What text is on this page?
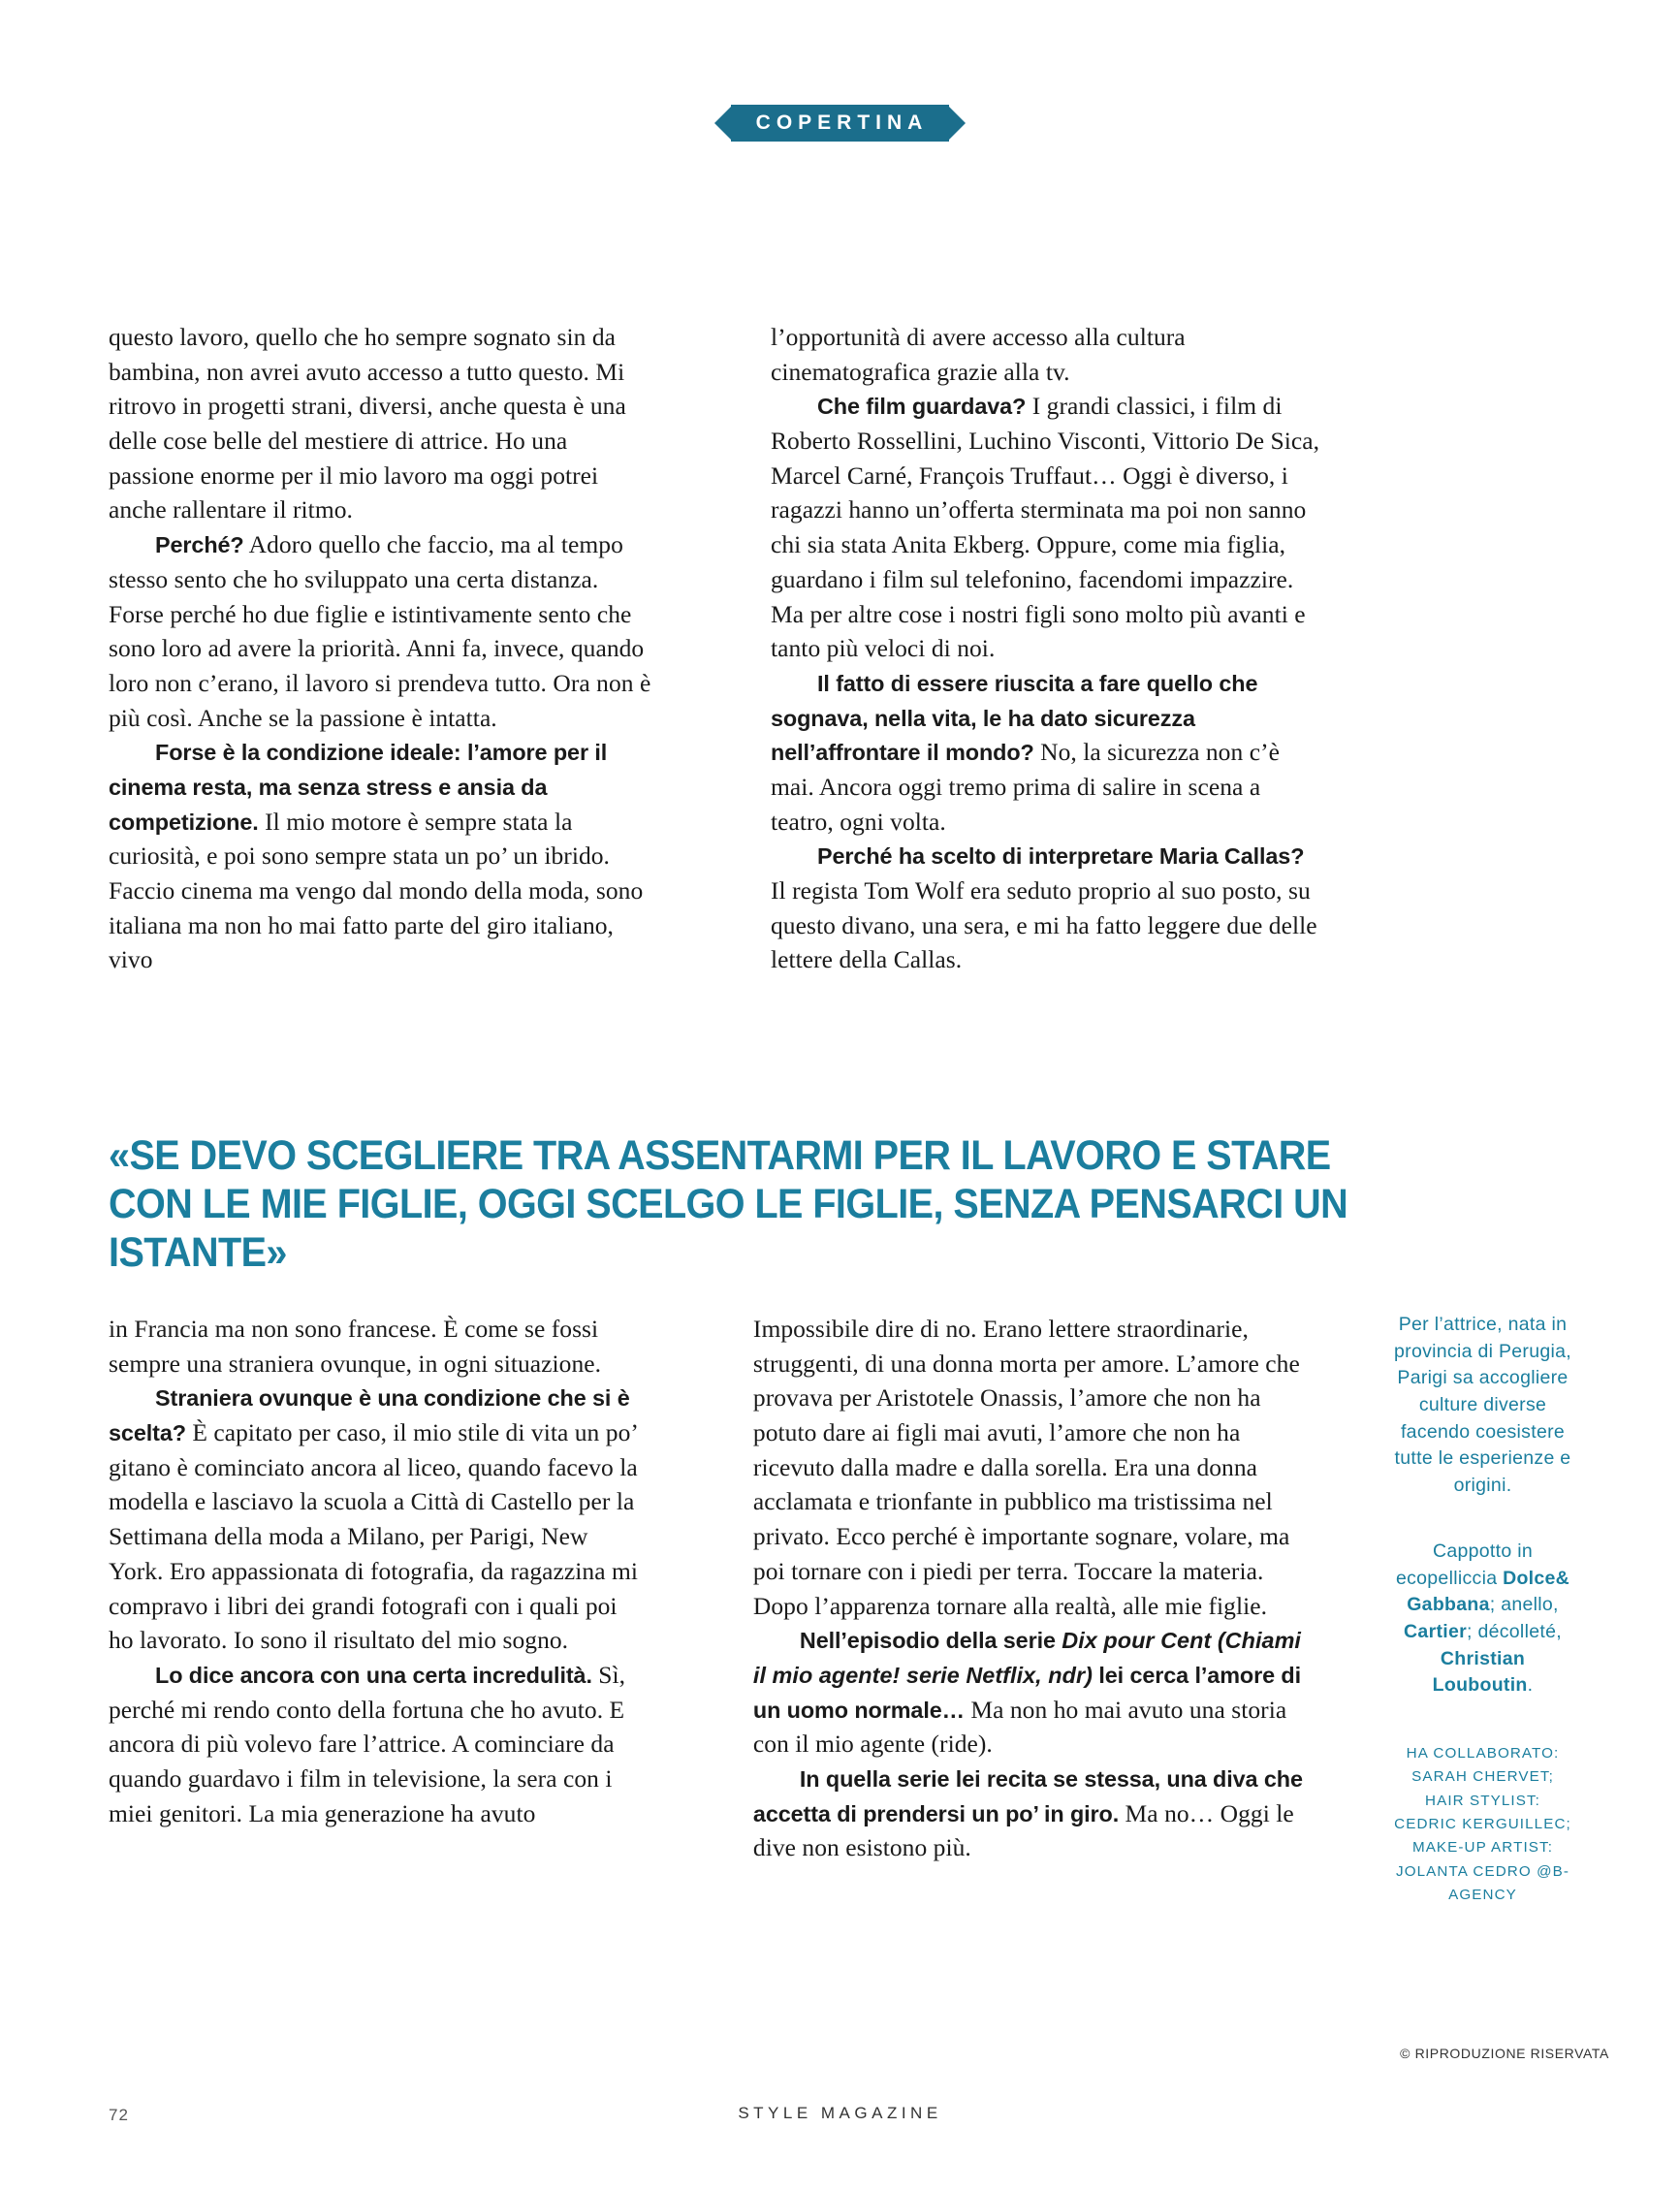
COPERTINA

questo lavoro, quello che ho sempre sognato sin da bambina, non avrei avuto accesso a tutto questo. Mi ritrovo in progetti strani, diversi, anche questa è una delle cose belle del mestiere di attrice. Ho una passione enorme per il mio lavoro ma oggi potrei anche rallentare il ritmo.

Perché? Adoro quello che faccio, ma al tempo stesso sento che ho sviluppato una certa distanza. Forse perché ho due figlie e istintivamente sento che sono loro ad avere la priorità. Anni fa, invece, quando loro non c’erano, il lavoro si prendeva tutto. Ora non è più così. Anche se la passione è intatta.

Forse è la condizione ideale: l’amore per il cinema resta, ma senza stress e ansia da competizione. Il mio motore è sempre stata la curiosità, e poi sono sempre stata un po’ un ibrido. Faccio cinema ma vengo dal mondo della moda, sono italiana ma non ho mai fatto parte del giro italiano, vivo

l’opportunità di avere accesso alla cultura cinematografica grazie alla tv.

Che film guardava? I grandi classici, i film di Roberto Rossellini, Luchino Visconti, Vittorio De Sica, Marcel Carné, François Truffaut… Oggi è diverso, i ragazzi hanno un’offerta sterminata ma poi non sanno chi sia stata Anita Ekberg. Oppure, come mia figlia, guardano i film sul telefonino, facendomi impazzire. Ma per altre cose i nostri figli sono molto più avanti e tanto più veloci di noi.

Il fatto di essere riuscita a fare quello che sognava, nella vita, le ha dato sicurezza nell’affrontare il mondo? No, la sicurezza non c’è mai. Ancora oggi tremo prima di salire in scena a teatro, ogni volta.

Perché ha scelto di interpretare Maria Callas? Il regista Tom Wolf era seduto proprio al suo posto, su questo divano, una sera, e mi ha fatto leggere due delle lettere della Callas.

«SE DEVO SCEGLIERE TRA ASSENTARMI PER IL LAVORO E STARE CON LE MIE FIGLIE, OGGI SCELGO LE FIGLIE, SENZA PENSARCI UN ISTANTE»

in Francia ma non sono francese. È come se fossi sempre una straniera ovunque, in ogni situazione.

Straniera ovunque è una condizione che si è scelta? È capitato per caso, il mio stile di vita un po’ gitano è cominciato ancora al liceo, quando facevo la modella e lasciavo la scuola a Città di Castello per la Settimana della moda a Milano, per Parigi, New York. Ero appassionata di fotografia, da ragazzina mi compravo i libri dei grandi fotografi con i quali poi ho lavorato. Io sono il risultato del mio sogno.

Lo dice ancora con una certa incredulità. Sì, perché mi rendo conto della fortuna che ho avuto. E ancora di più volevo fare l’attrice. A cominciare da quando guardavo i film in televisione, la sera con i miei genitori. La mia generazione ha avuto

Impossibile dire di no. Erano lettere straordinarie, struggenti, di una donna morta per amore. L’amore che provava per Aristotele Onassis, l’amore che non ha potuto dare ai figli mai avuti, l’amore che non ha ricevuto dalla madre e dalla sorella. Era una donna acclamata e trionfante in pubblico ma tristissima nel privato. Ecco perché è importante sognare, volare, ma poi tornare con i piedi per terra. Toccare la materia. Dopo l’apparenza tornare alla realtà, alle mie figlie.

Nell’episodio della serie Dix pour Cent (Chiami il mio agente! serie Netflix, ndr) lei cerca l’amore di un uomo normale… Ma non ho mai avuto una storia con il mio agente (ride).

In quella serie lei recita se stessa, una diva che accetta di prendersi un po’ in giro. Ma no… Oggi le dive non esistono più.

Per l’attrice, nata in provincia di Perugia, Parigi sa accogliere culture diverse facendo coesistere tutte le esperienze e origini.
Cappotto in ecopelliccia Dolce& Gabbana; anello, Cartier; décolleté, Christian Louboutin.
HA COLLABORATO: SARAH CHERVET; HAIR STYLIST: CEDRIC KERGUILLEC; MAKE-UP ARTIST: JOLANTA CEDRO @B-AGENCY
© RIPRODUZIONE RISERVATA
72	STYLE MAGAZINE
